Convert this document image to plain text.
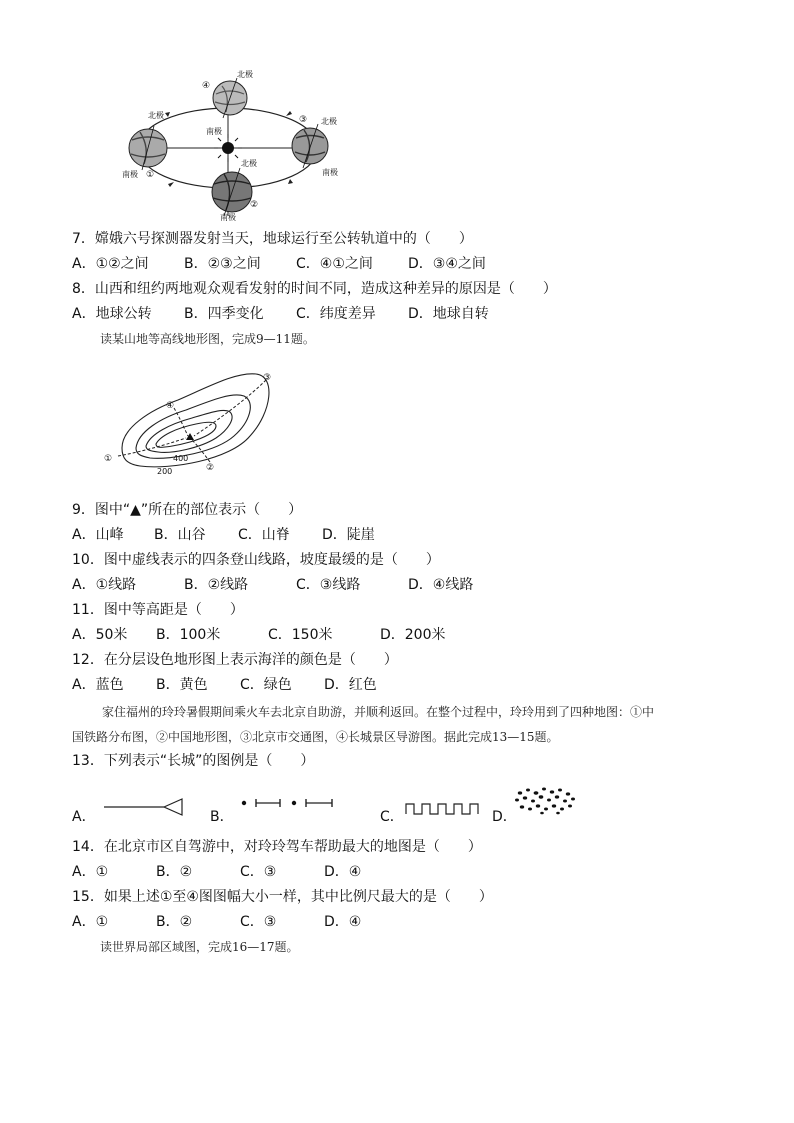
北极
④
南极
北极
南极 ①
③ 北极
南极
北极
②
南极
7．嫦娥六号探测器发射当天，地球运行至公转轨道中的（　　）
A．①②之间	B．②③之间	C．④①之间	D．③④之间
8．山西和纽约两地观众观看发射的时间不同，造成这种差异的原因是（　　）
A．地球公转 B．四季变化 C．纬度差异 D．地球自转
读某山地等高线地形图，完成9—11题。
①
②
③
④
400
200
9．图中“▲”所在的部位表示（　　）
A．山峰 B．山谷 C．山脊 D．陡崖
10．图中虚线表示的四条登山线路，坡度最缓的是（　　）
A．①线路	B．②线路	C．③线路	D．④线路
11．图中等高距是（　　）
A．50米 B．100米	C．150米	D．200米
12．在分层设色地形图上表示海洋的颜色是（　　）
A．蓝色 B．黄色 C．绿色 D．红色
家住福州的玲玲暑假期间乘火车去北京自助游，并顺利返回。在整个过程中，玲玲用到了四种地图：①中
国铁路分布图，②中国地形图，③北京市交通图，④长城景区导游图。据此完成13—15题。
13．下列表示“长城”的图例是（　　）
A．	B．	C．	D．
14．在北京市区自驾游中，对玲玲驾车帮助最大的地图是（　　）
A．①	B．②	C．③	D．④
15．如果上述①至④图图幅大小一样，其中比例尺最大的是（　　）
A．①	B．②	C．③	D．④
读世界局部区域图，完成16—17题。
